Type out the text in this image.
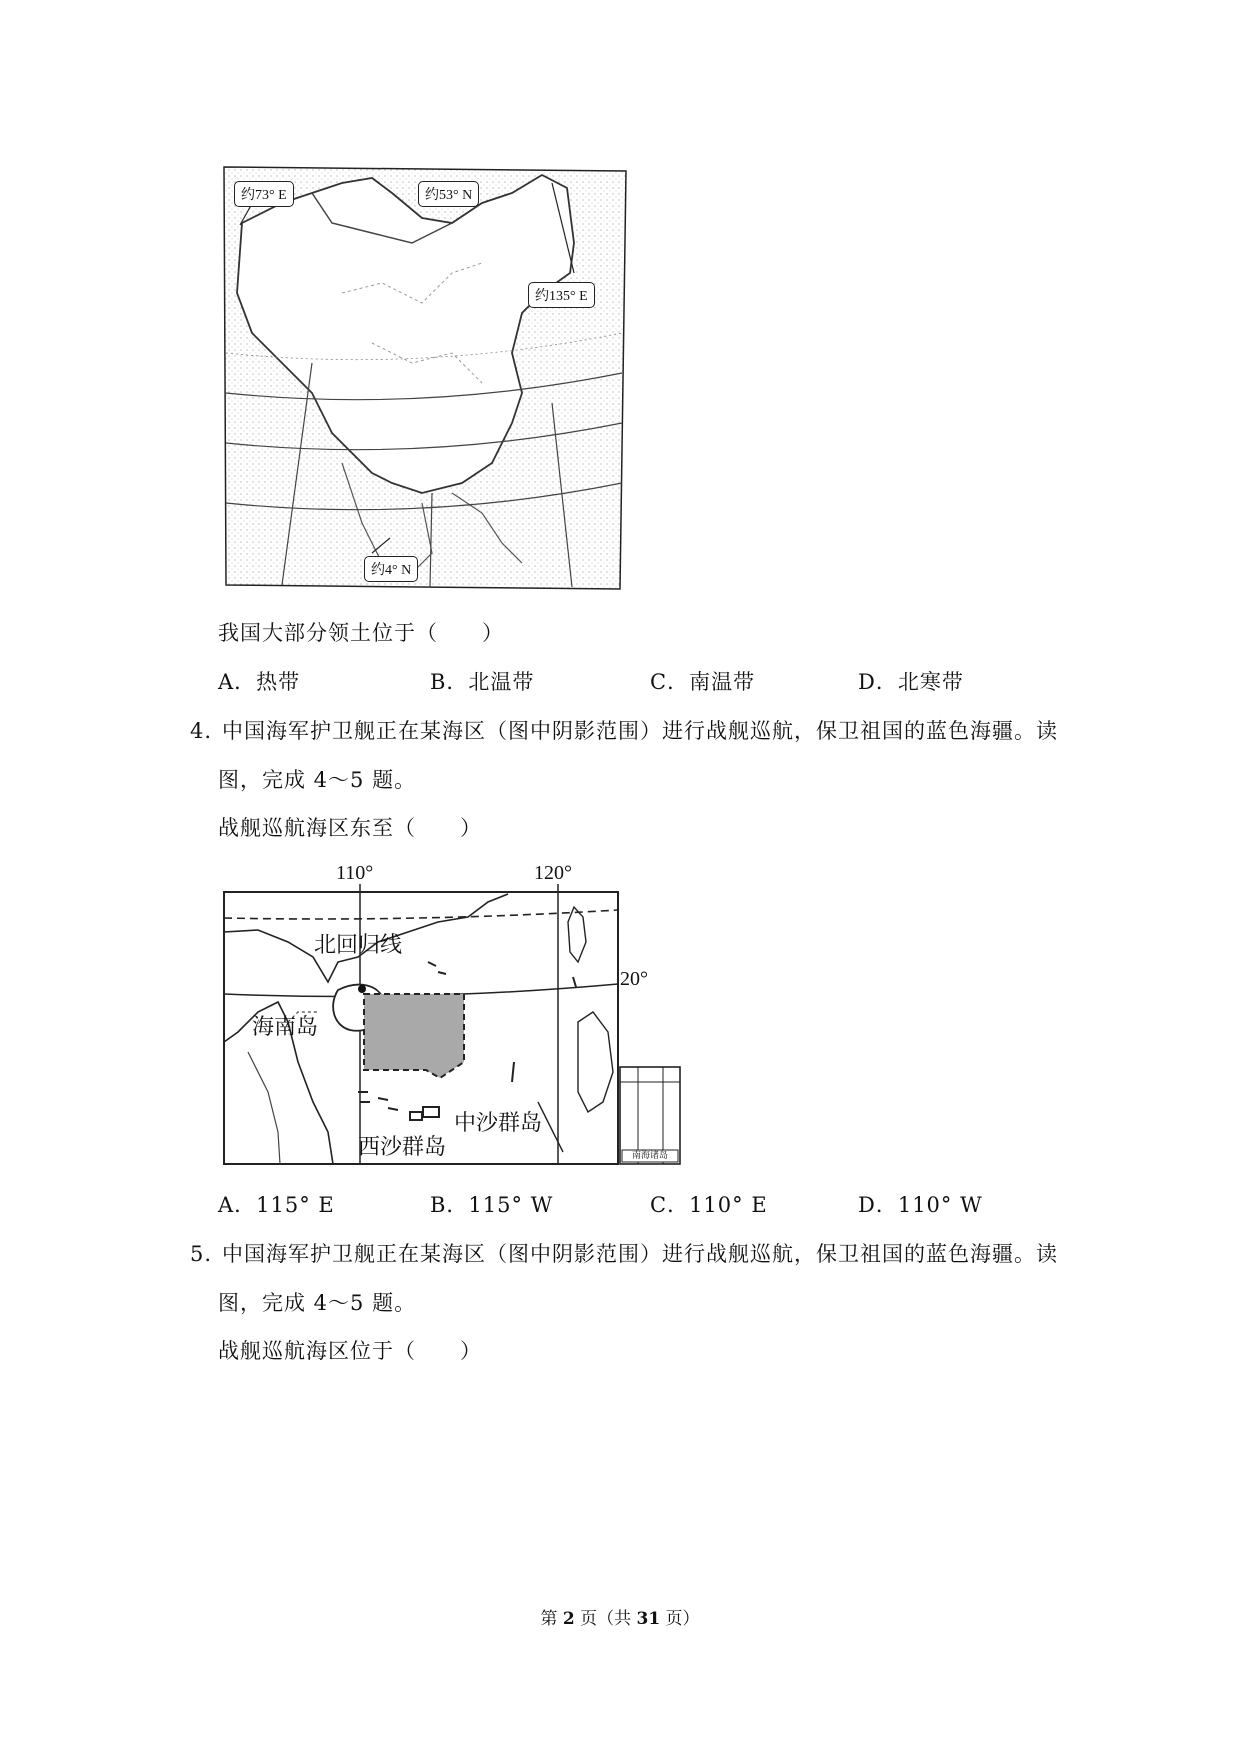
约73° E	约53° N
约135° E
约4° N
我国大部分领土位于（　　）
A．热带	B．北温带	C．南温带	D．北寒带
4. 中国海军护卫舰正在某海区（图中阴影范围）进行战舰巡航，保卫祖国的蓝色海疆。读
图，完成 4～5 题。
战舰巡航海区东至（　　）
110°	120°
20°
北回归线
海南岛
西沙群岛
中沙群岛
南海诸岛
A．115° E	B．115° W	C．110° E	D．110° W
5. 中国海军护卫舰正在某海区（图中阴影范围）进行战舰巡航，保卫祖国的蓝色海疆。读
图，完成 4～5 题。
战舰巡航海区位于（　　）
第 2 页（共 31 页）
